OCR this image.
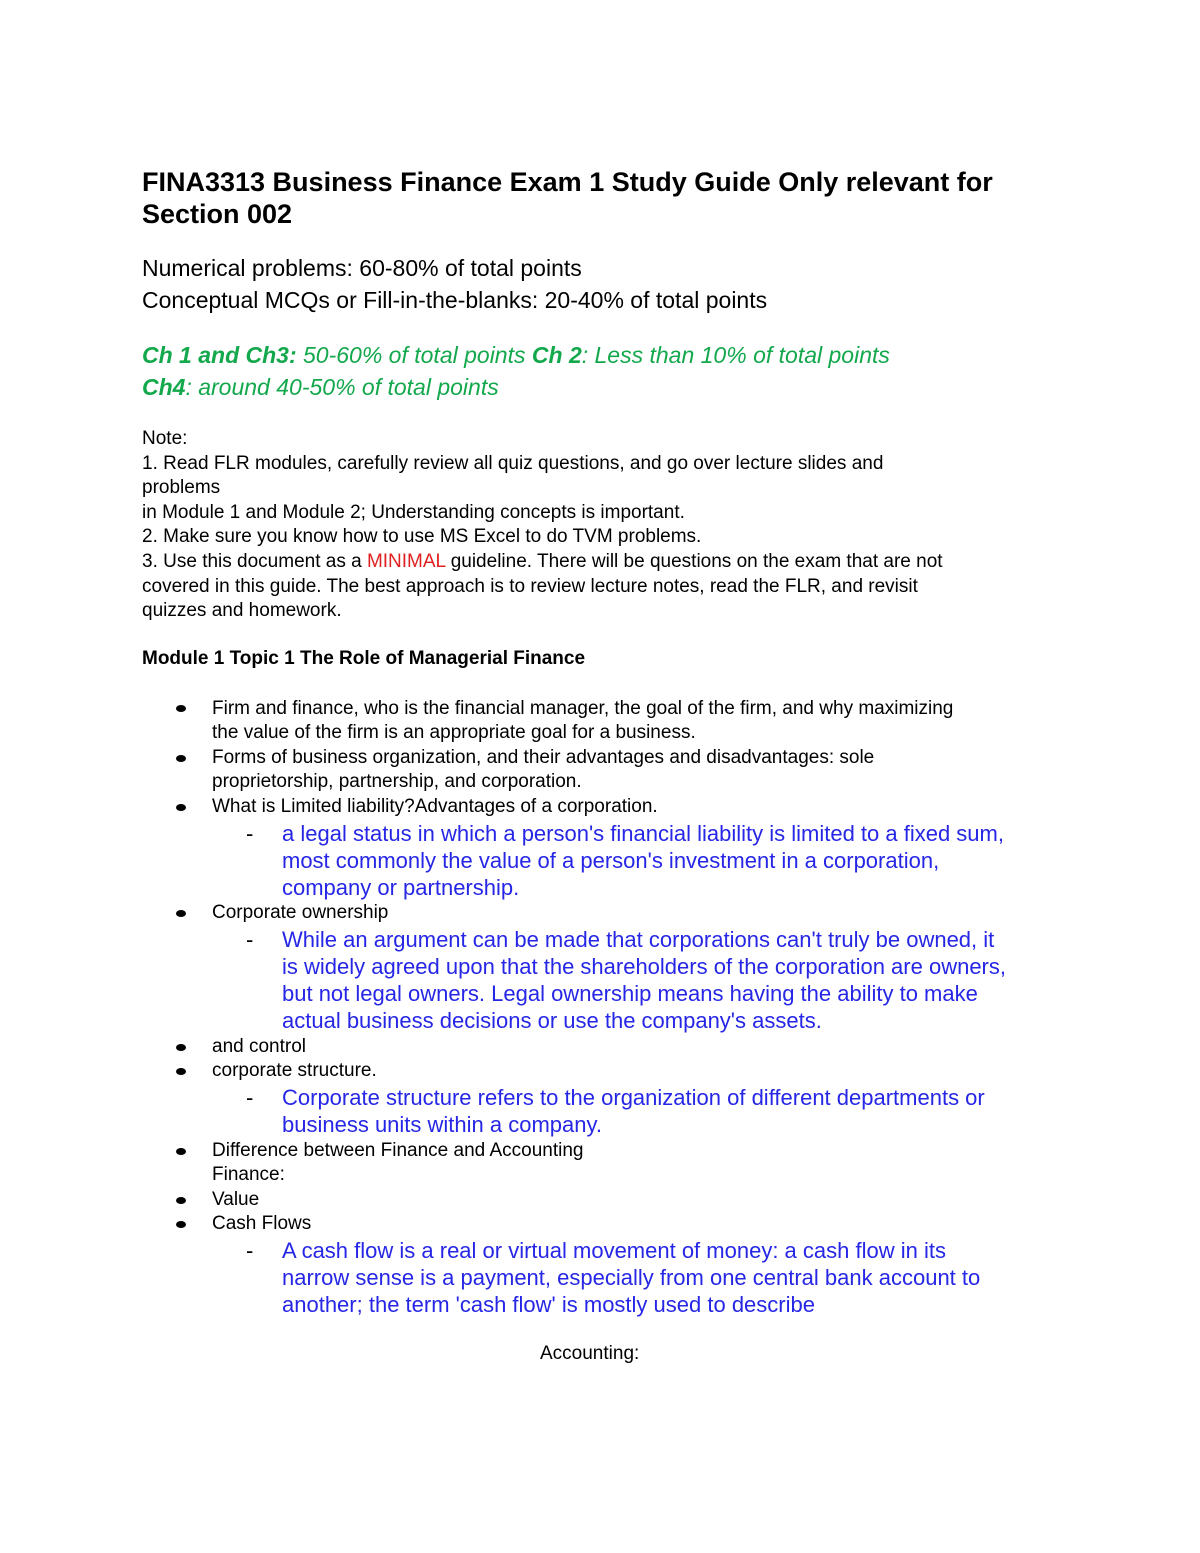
FINA3313 Business Finance Exam 1 Study Guide Only relevant for
Section 002

Numerical problems: 60-80% of total points

Conceptual MCQs or Fill-in-the-blanks: 20-40% of total points

Ch 1 and Ch3: 50-60% of total points Ch 2: Less than 10% of total points

Ch4: around 40-50% of total points

Note:

1. Read FLR modules, carefully review all quiz questions, and go over lecture slides and

problems

in Module 1 and Module 2; Understanding concepts is important.

2. Make sure you know how to use MS Excel to do TVM problems.

3. Use this document as a MINIMAL guideline. There will be questions on the exam that are not

covered in this guide. The best approach is to review lecture notes, read the FLR, and revisit

quizzes and homework.

Module 1 Topic 1 The Role of Managerial Finance

Firm and finance, who is the financial manager, the goal of the firm, and why maximizing

the value of the firm is an appropriate goal for a business.

Forms of business organization, and their advantages and disadvantages: sole

proprietorship, partnership, and corporation.

What is Limited liability?Advantages of a corporation.

- a legal status in which a person's financial liability is limited to a fixed sum,

most commonly the value of a person's investment in a corporation,

company or partnership.

Corporate ownership

- While an argument can be made that corporations can't truly be owned, it

is widely agreed upon that the shareholders of the corporation are owners,

but not legal owners. Legal ownership means having the ability to make

actual business decisions or use the company's assets.

and control

corporate structure.

- Corporate structure refers to the organization of different departments or

business units within a company.

Difference between Finance and Accounting

Finance:

Value

Cash Flows

- A cash flow is a real or virtual movement of money: a cash flow in its

narrow sense is a payment, especially from one central bank account to

another; the term 'cash flow' is mostly used to describe

Accounting:
